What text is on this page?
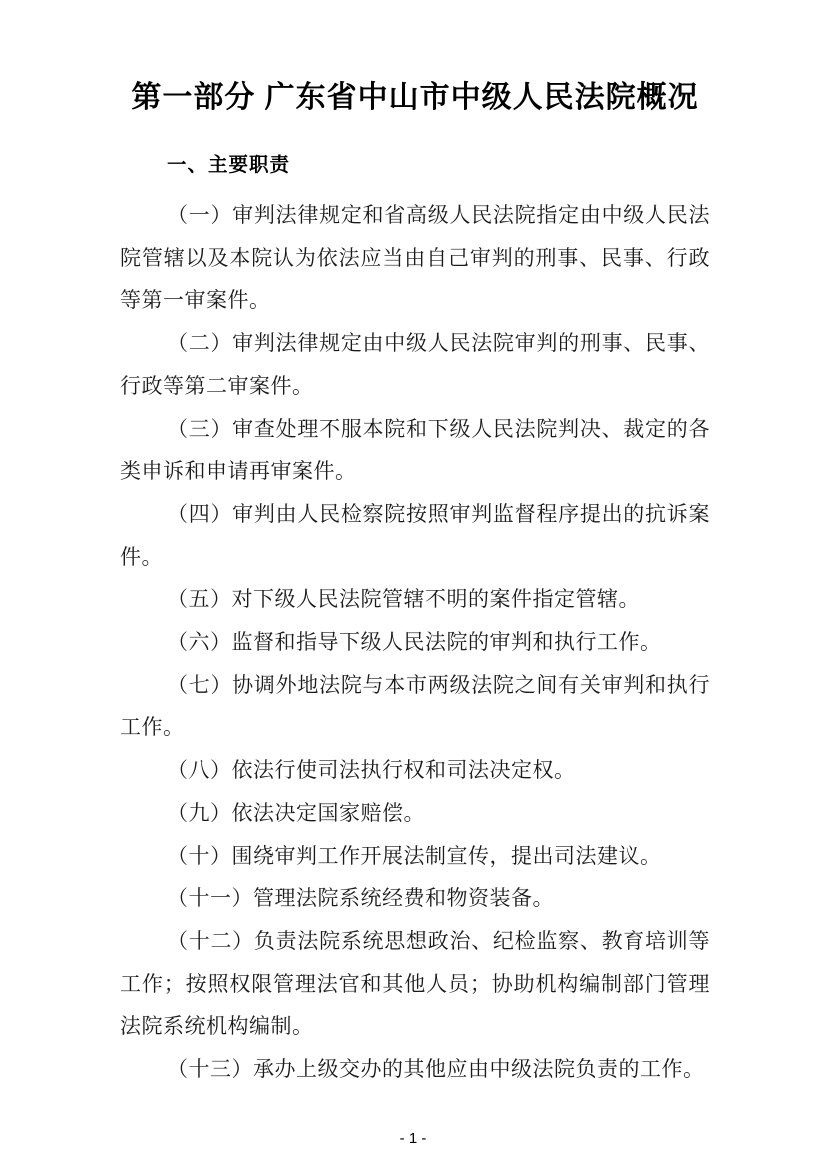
第一部分 广东省中山市中级人民法院概况
一、主要职责

（一）审判法律规定和省高级人民法院指定由中级人民法院管辖以及本院认为依法应当由自己审判的刑事、民事、行政等第一审案件。

（二）审判法律规定由中级人民法院审判的刑事、民事、行政等第二审案件。

（三）审查处理不服本院和下级人民法院判决、裁定的各类申诉和申请再审案件。

（四）审判由人民检察院按照审判监督程序提出的抗诉案件。

（五）对下级人民法院管辖不明的案件指定管辖。

（六）监督和指导下级人民法院的审判和执行工作。

（七）协调外地法院与本市两级法院之间有关审判和执行工作。

（八）依法行使司法执行权和司法决定权。

（九）依法决定国家赔偿。

（十）围绕审判工作开展法制宣传，提出司法建议。

（十一）管理法院系统经费和物资装备。

（十二）负责法院系统思想政治、纪检监察、教育培训等工作；按照权限管理法官和其他人员；协助机构编制部门管理法院系统机构编制。

（十三）承办上级交办的其他应由中级法院负责的工作。

- 1 -
